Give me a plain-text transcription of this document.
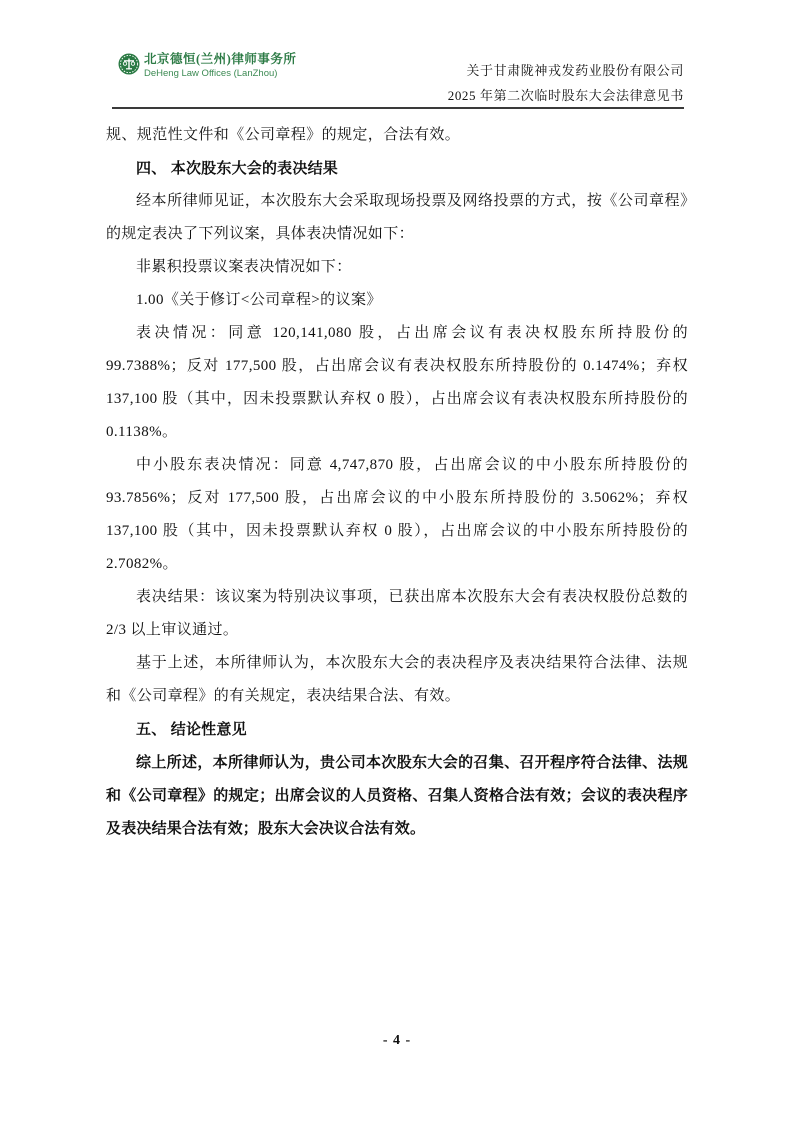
北京德恒(兰州)律师事务所
DeHeng Law Offices (LanZhou)	关于甘肃陇神戎发药业股份有限公司
2025 年第二次临时股东大会法律意见书

规、规范性文件和《公司章程》的规定，合法有效。

四、 本次股东大会的表决结果

经本所律师见证，本次股东大会采取现场投票及网络投票的方式，按《公司章程》的规定表决了下列议案，具体表决情况如下：

非累积投票议案表决情况如下：

1.00《关于修订<公司章程>的议案》

表决情况：同意 120,141,080 股，占出席会议有表决权股东所持股份的 99.7388%；反对 177,500 股，占出席会议有表决权股东所持股份的 0.1474%；弃权 137,100 股（其中，因未投票默认弃权 0 股），占出席会议有表决权股东所持股份的 0.1138%。

中小股东表决情况：同意 4,747,870 股，占出席会议的中小股东所持股份的 93.7856%；反对 177,500 股，占出席会议的中小股东所持股份的 3.5062%；弃权 137,100 股（其中，因未投票默认弃权 0 股），占出席会议的中小股东所持股份的 2.7082%。

表决结果：该议案为特别决议事项，已获出席本次股东大会有表决权股份总数的 2/3 以上审议通过。

基于上述，本所律师认为，本次股东大会的表决程序及表决结果符合法律、法规和《公司章程》的有关规定，表决结果合法、有效。

五、 结论性意见

综上所述，本所律师认为，贵公司本次股东大会的召集、召开程序符合法律、法规和《公司章程》的规定；出席会议的人员资格、召集人资格合法有效；会议的表决程序及表决结果合法有效；股东大会决议合法有效。

- 4 -
